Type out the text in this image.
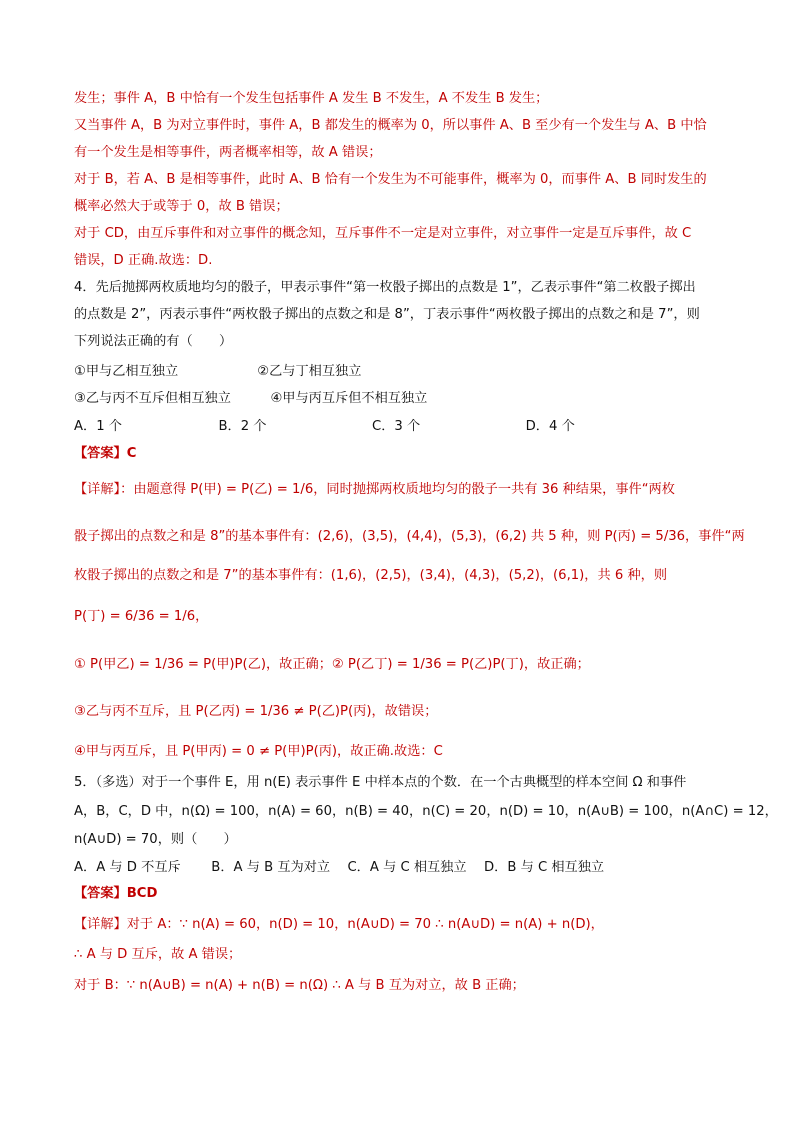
发生；事件 A，B 中恰有一个发生包括事件 A 发生 B 不发生，A 不发生 B 发生；
又当事件 A，B 为对立事件时，事件 A，B 都发生的概率为 0，所以事件 A、B 至少有一个发生与 A、B 中恰
有一个发生是相等事件，两者概率相等，故 A 错误；
对于 B，若 A、B 是相等事件，此时 A、B 恰有一个发生为不可能事件，概率为 0，而事件 A、B 同时发生的
概率必然大于或等于 0，故 B 错误；
对于 CD，由互斥事件和对立事件的概念知，互斥事件不一定是对立事件，对立事件一定是互斥事件，故 C
错误，D 正确.故选：D.
4．先后抛掷两枚质地均匀的骰子，甲表示事件“第一枚骰子掷出的点数是 1”，乙表示事件“第二枚骰子掷出
的点数是 2”，丙表示事件“两枚骰子掷出的点数之和是 8”，丁表示事件“两枚骰子掷出的点数之和是 7”，则
下列说法正确的有（　　）
①甲与乙相互独立　　　　　　②乙与丁相互独立
③乙与丙不互斥但相互独立　　　④甲与丙互斥但不相互独立
A．1 个　　　　　　　 B．2 个　　　　　　　　C．3 个　　　　　　　　D．4 个
【答案】C
【详解】：由题意得 P(甲) = P(乙) = 1/6，同时抛掷两枚质地均匀的骰子一共有 36 种结果，事件“两枚
骰子掷出的点数之和是 8”的基本事件有：(2,6)，(3,5)，(4,4)，(5,3)，(6,2) 共 5 种，则 P(丙) = 5/36，事件“两
枚骰子掷出的点数之和是 7”的基本事件有：(1,6)，(2,5)，(3,4)，(4,3)，(5,2)，(6,1)，共 6 种，则
P(丁) = 6/36 = 1/6，
① P(甲乙) = 1/36 = P(甲)P(乙)，故正确；② P(乙丁) = 1/36 = P(乙)P(丁)，故正确；
③乙与丙不互斥，且 P(乙丙) = 1/36 ≠ P(乙)P(丙)，故错误；
④甲与丙互斥，且 P(甲丙) = 0 ≠ P(甲)P(丙)，故正确.故选：C
5．（多选）对于一个事件 E，用 n(E) 表示事件 E 中样本点的个数．在一个古典概型的样本空间 Ω 和事件
A，B，C，D 中，n(Ω) = 100，n(A) = 60，n(B) = 40，n(C) = 20，n(D) = 10，n(A∪B) = 100，n(A∩C) = 12，
n(A∪D) = 70，则（　　）
A．A 与 D 不互斥　　 B．A 与 B 互为对立　 C．A 与 C 相互独立　 D．B 与 C 相互独立
【答案】BCD
【详解】对于 A：∵ n(A) = 60，n(D) = 10，n(A∪D) = 70 ∴ n(A∪D) = n(A) + n(D)，
∴ A 与 D 互斥，故 A 错误；
对于 B：∵ n(A∪B) = n(A) + n(B) = n(Ω) ∴ A 与 B 互为对立，故 B 正确；
